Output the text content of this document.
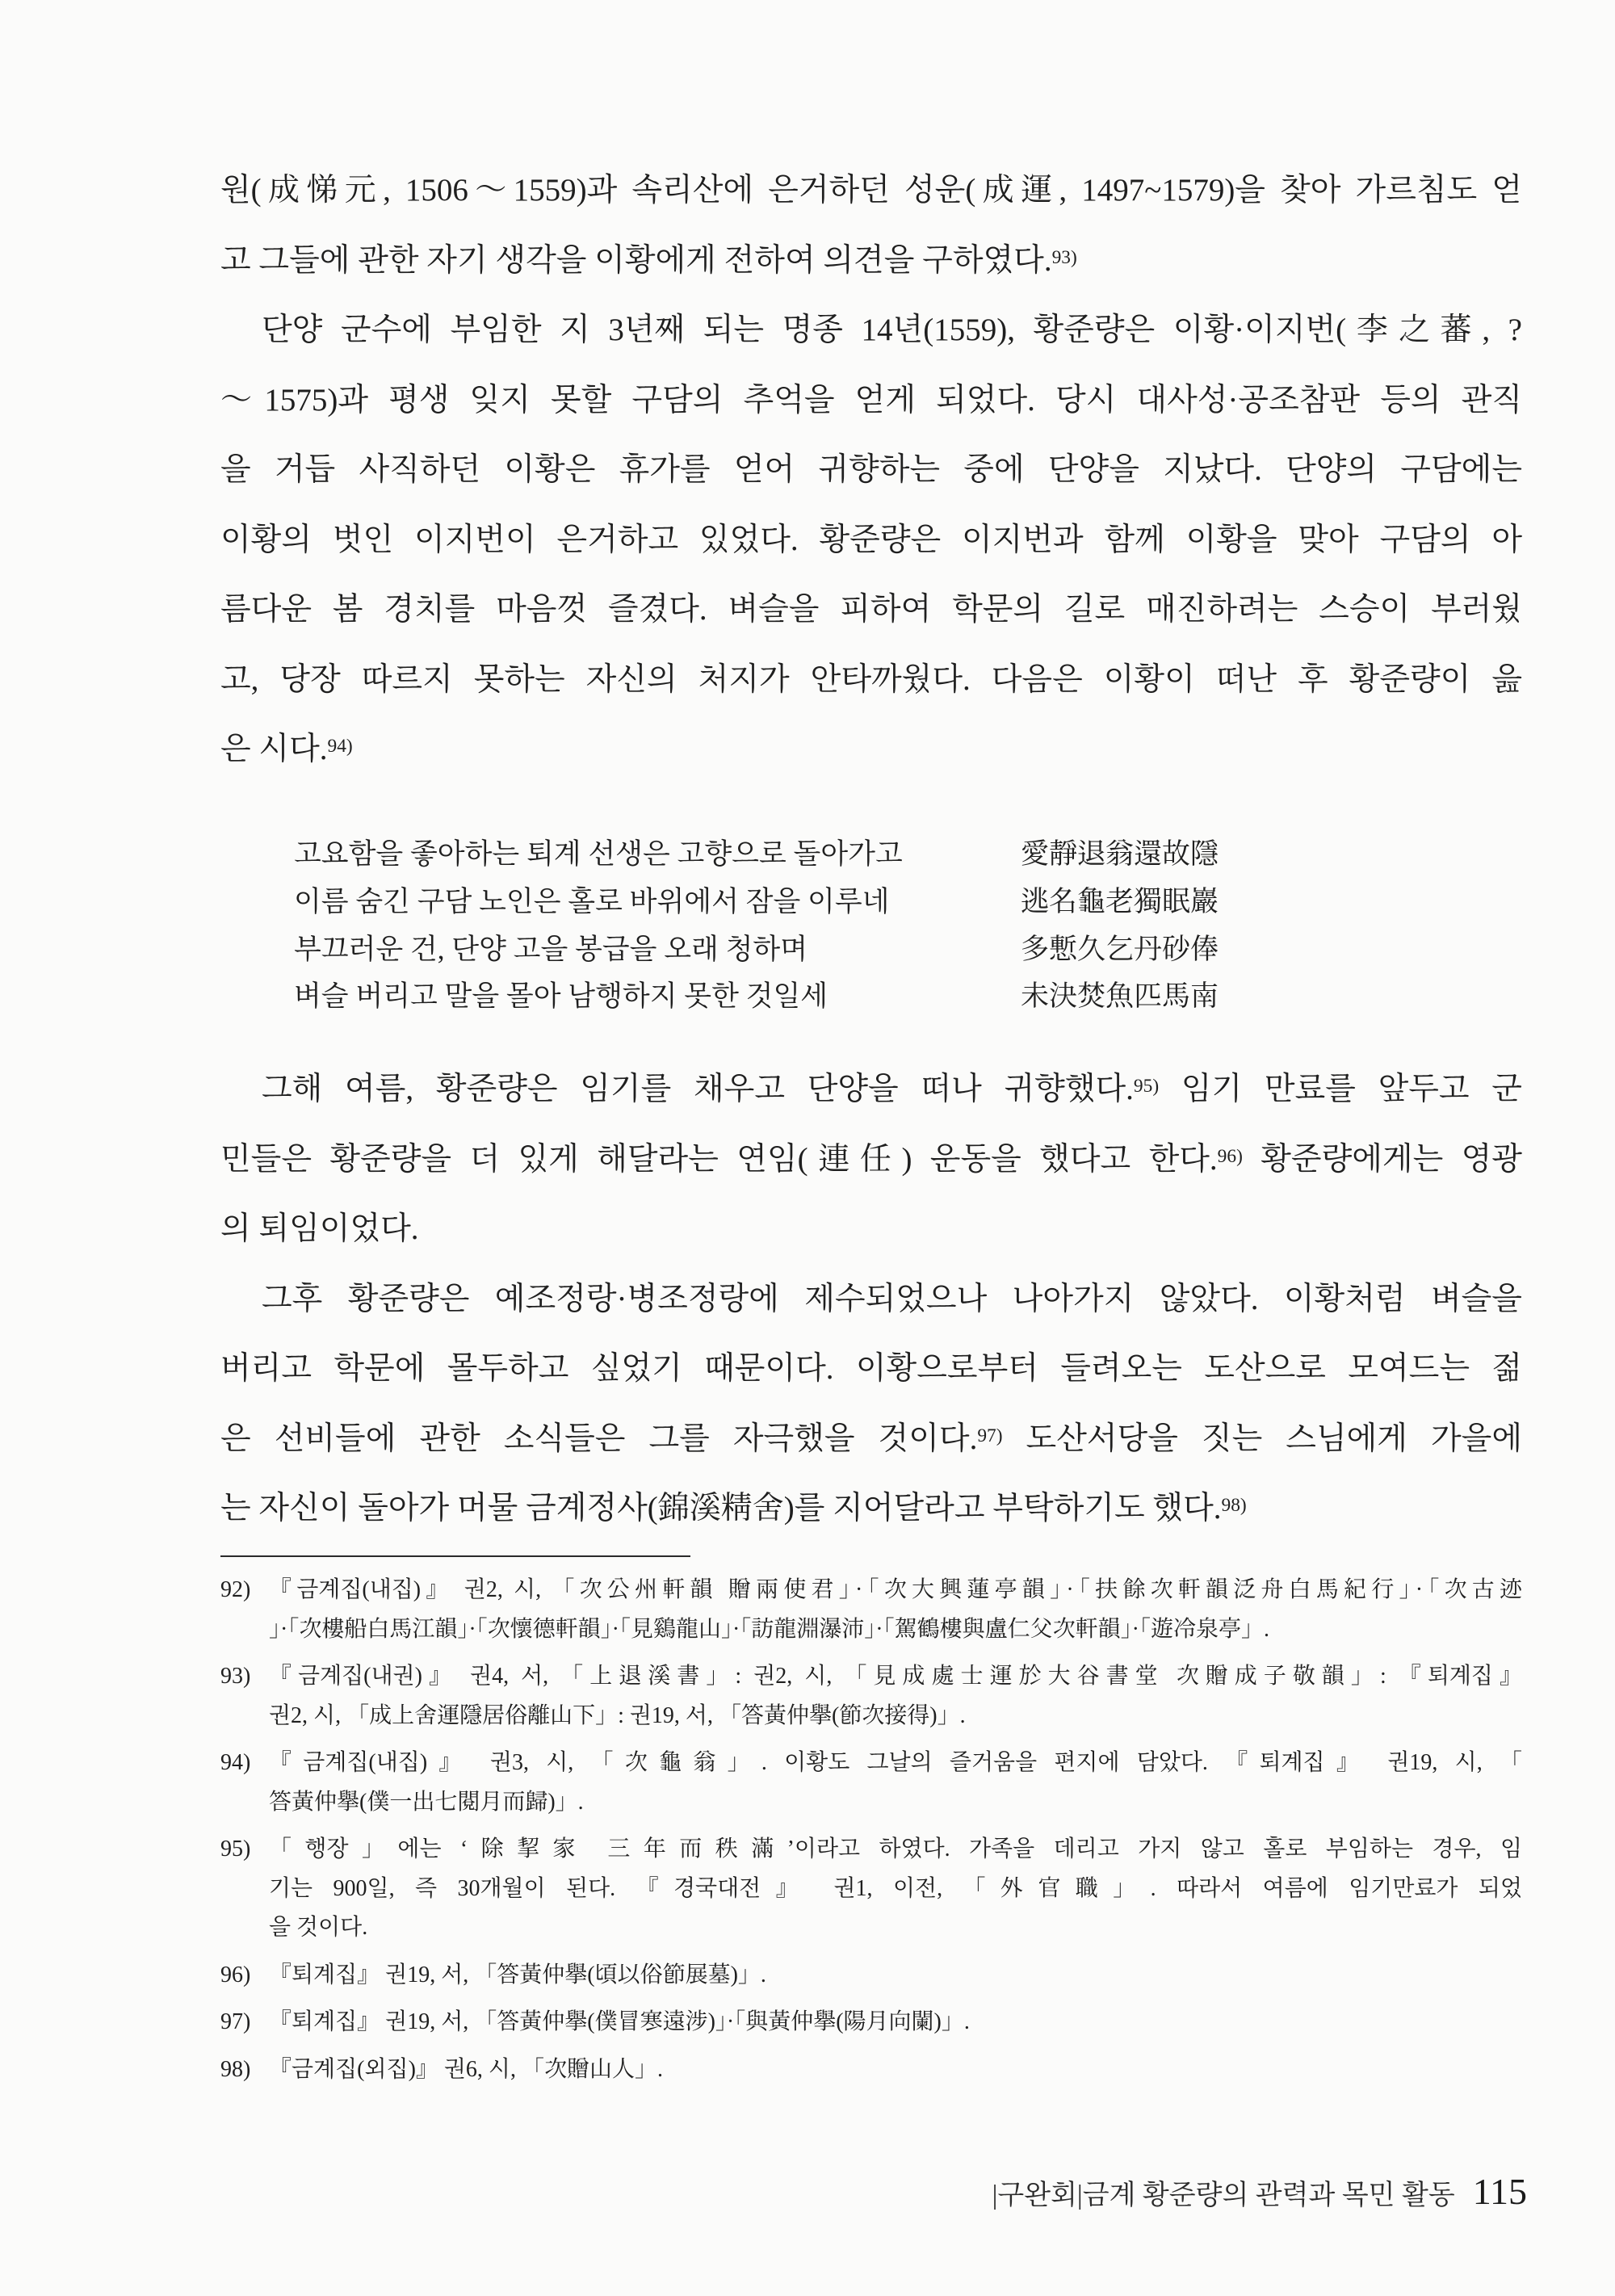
원(成悌元, 1506～1559)과 속리산에 은거하던 성운(成運, 1497~1579)을 찾아 가르침도 얻
고 그들에 관한 자기 생각을 이황에게 전하여 의견을 구하였다.$^{93)}$
단양 군수에 부임한 지 3년째 되는 명종 14년(1559), 황준량은 이황·이지번(李之蕃, ?
～1575)과 평생 잊지 못할 구담의 추억을 얻게 되었다. 당시 대사성·공조참판 등의 관직
을 거듭 사직하던 이황은 휴가를 얻어 귀향하는 중에 단양을 지났다. 단양의 구담에는
이황의 벗인 이지번이 은거하고 있었다. 황준량은 이지번과 함께 이황을 맞아 구담의 아
름다운 봄 경치를 마음껏 즐겼다. 벼슬을 피하여 학문의 길로 매진하려는 스승이 부러웠
고, 당장 따르지 못하는 자신의 처지가 안타까웠다. 다음은 이황이 떠난 후 황준량이 읊
은 시다.$^{94)}$
고요함을 좋아하는 퇴계 선생은 고향으로 돌아가고	愛靜退翁還故隱
이름 숨긴 구담 노인은 홀로 바위에서 잠을 이루네	逃名龜老獨眠巖
부끄러운 건, 단양 고을 봉급을 오래 청하며	多慙久乞丹砂俸
벼슬 버리고 말을 몰아 남행하지 못한 것일세	未決焚魚匹馬南
그해 여름, 황준량은 임기를 채우고 단양을 떠나 귀향했다.$^{95)}$ 임기 만료를 앞두고 군
민들은 황준량을 더 있게 해달라는 연임(連任) 운동을 했다고 한다.$^{96)}$ 황준량에게는 영광
의 퇴임이었다.
그후 황준량은 예조정랑·병조정랑에 제수되었으나 나아가지 않았다. 이황처럼 벼슬을
버리고 학문에 몰두하고 싶었기 때문이다. 이황으로부터 들려오는 도산으로 모여드는 젊
은 선비들에 관한 소식들은 그를 자극했을 것이다.$^{97)}$ 도산서당을 짓는 스님에게 가을에
는 자신이 돌아가 머물 금계정사(錦溪精舍)를 지어달라고 부탁하기도 했다.$^{98)}$
92) 『금계집(내집)』 권2, 시, 「次公州軒韻 贈兩使君」·「次大興蓮亭韻」·「扶餘次軒韻泛舟白馬紀行」·「次古迹
」·「次樓船白馬江韻」·「次懷德軒韻」·「見鷄龍山」·「訪龍淵瀑沛」·「駕鶴樓與盧仁父次軒韻」·「遊冷泉亭」.
93) 『금계집(내권)』 권4, 서, 「上退溪書」: 권2, 시, 「見成處士運於大谷書堂 次贈成子敬韻」: 『퇴계집』
권2, 시, 「成上舍運隱居俗離山下」: 권19, 서, 「答黃仲擧(節次接得)」.
94) 『금계집(내집)』 권3, 시, 「次龜翁」. 이황도 그날의 즐거움을 편지에 담았다. 『퇴계집』 권19, 시, 「
答黃仲擧(僕一出七閱月而歸)」.
95) 「행장」에는 ‘除挈家 三年而秩滿’이라고 하였다. 가족을 데리고 가지 않고 홀로 부임하는 경우, 임
기는 900일, 즉 30개월이 된다. 『경국대전』 권1, 이전, 「外官職」. 따라서 여름에 임기만료가 되었
을 것이다.
96) 『퇴계집』 권19, 서, 「答黃仲擧(頃以俗節展墓)」.
97) 『퇴계집』 권19, 서, 「答黃仲擧(僕冒寒遠涉)」·「與黃仲擧(陽月向闌)」.
98) 『금계집(외집)』 권6, 시, 「次贈山人」.
|구완회|금계 황준량의 관력과 목민 활동 115
